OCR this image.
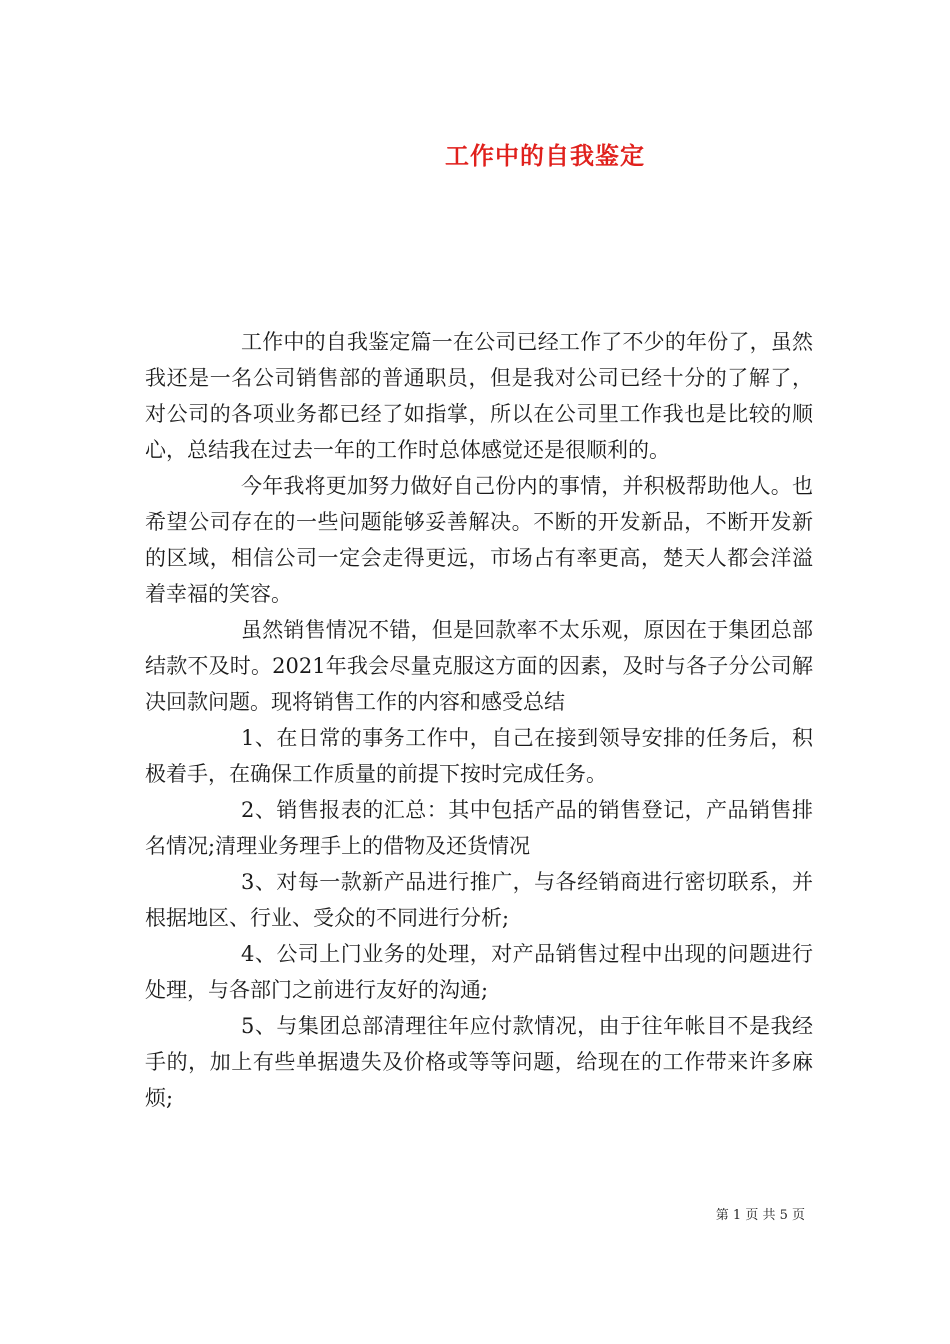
工作中的自我鉴定

工作中的自我鉴定篇一在公司已经工作了不少的年份了，虽然我还是一名公司销售部的普通职员，但是我对公司已经十分的了解了，对公司的各项业务都已经了如指掌，所以在公司里工作我也是比较的顺心，总结我在过去一年的工作时总体感觉还是很顺利的。

今年我将更加努力做好自己份内的事情，并积极帮助他人。也希望公司存在的一些问题能够妥善解决。不断的开发新品，不断开发新的区域，相信公司一定会走得更远，市场占有率更高，楚天人都会洋溢着幸福的笑容。

虽然销售情况不错，但是回款率不太乐观，原因在于集团总部结款不及时。2021年我会尽量克服这方面的因素，及时与各子分公司解决回款问题。现将销售工作的内容和感受总结

1、在日常的事务工作中，自己在接到领导安排的任务后，积极着手，在确保工作质量的前提下按时完成任务。

2、销售报表的汇总：其中包括产品的销售登记，产品销售排名情况;清理业务理手上的借物及还货情况

3、对每一款新产品进行推广，与各经销商进行密切联系，并根据地区、行业、受众的不同进行分析;

4、公司上门业务的处理，对产品销售过程中出现的问题进行处理，与各部门之前进行友好的沟通;

5、与集团总部清理往年应付款情况，由于往年帐目不是我经手的，加上有些单据遗失及价格或等等问题，给现在的工作带来许多麻烦;

第 1 页 共 5 页
